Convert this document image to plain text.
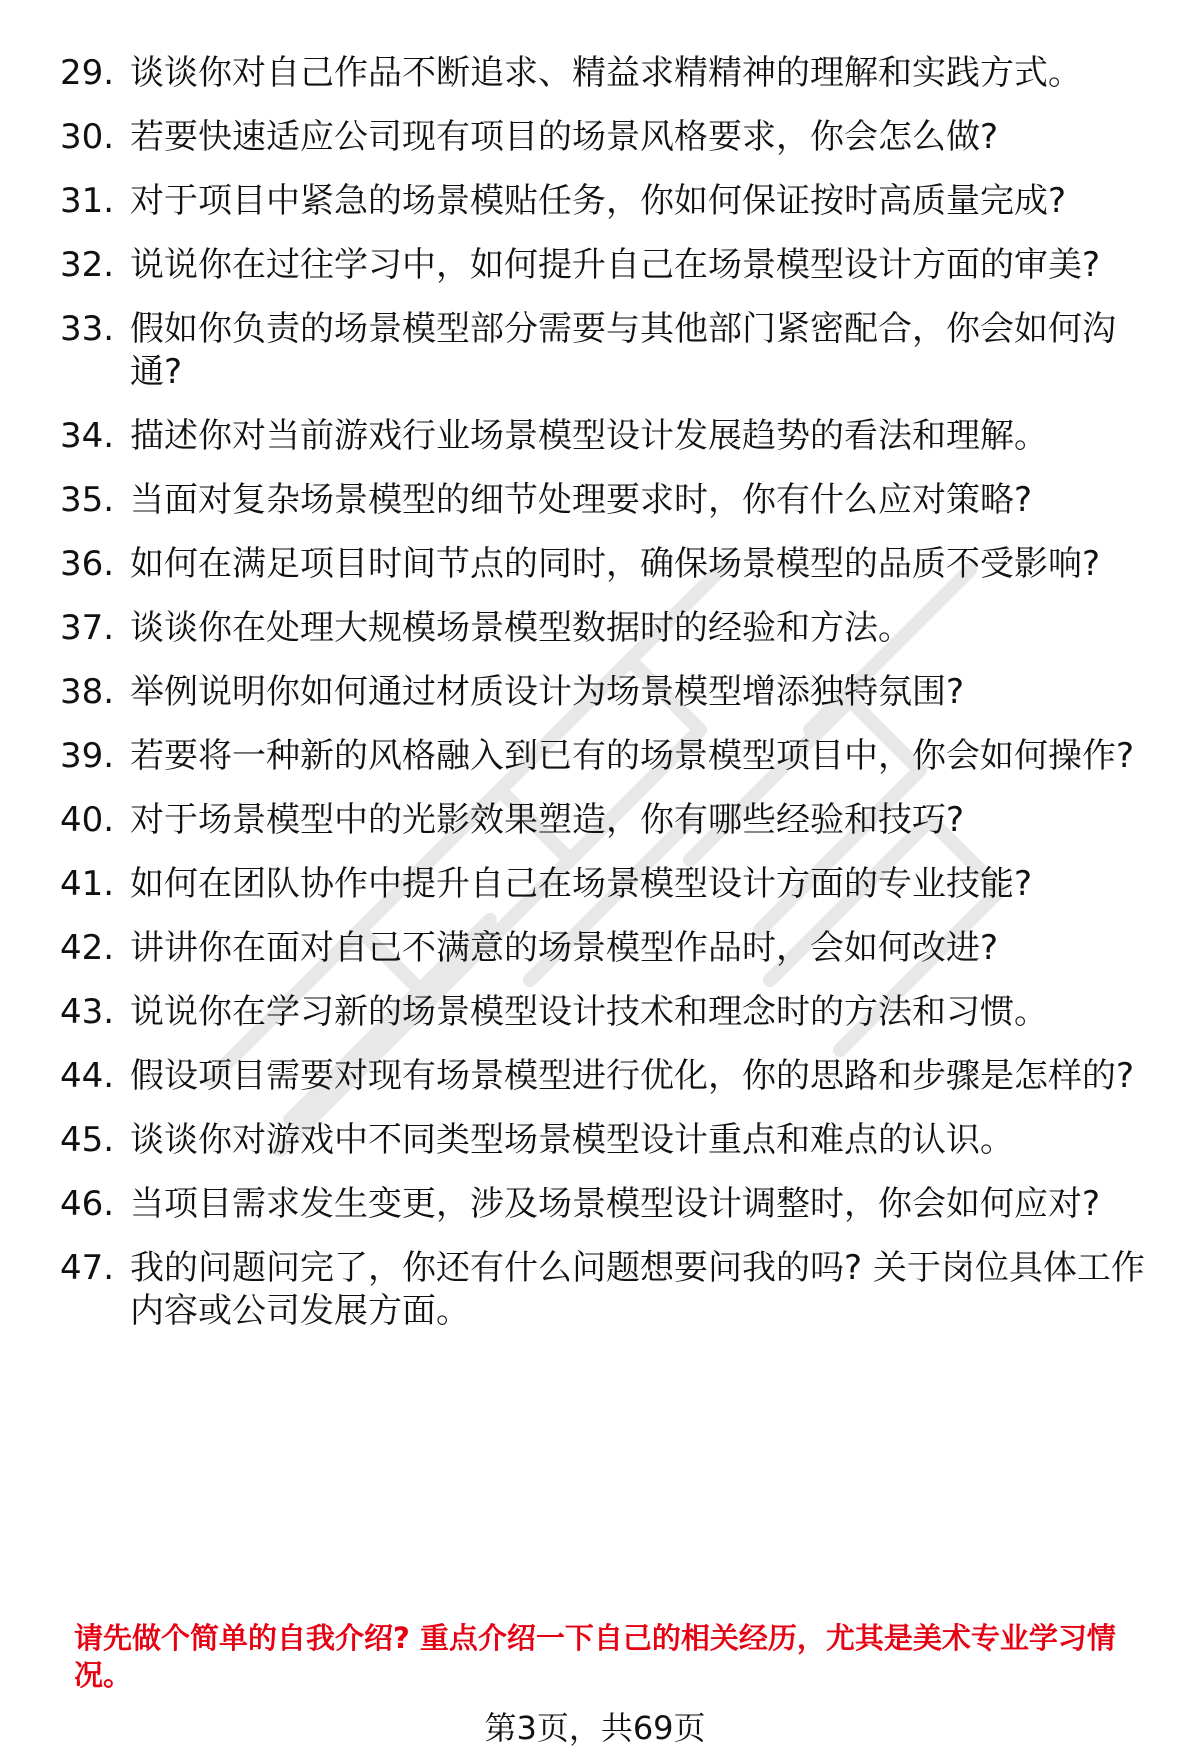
29. 谈谈你对自己作品不断追求、精益求精精神的理解和实践方式。
30. 若要快速适应公司现有项目的场景风格要求，你会怎么做?
31. 对于项目中紧急的场景模贴任务，你如何保证按时高质量完成?
32. 说说你在过往学习中，如何提升自己在场景模型设计方面的审美?
33. 假如你负责的场景模型部分需要与其他部门紧密配合，你会如何沟通?
34. 描述你对当前游戏行业场景模型设计发展趋势的看法和理解。
35. 当面对复杂场景模型的细节处理要求时，你有什么应对策略?
36. 如何在满足项目时间节点的同时，确保场景模型的品质不受影响?
37. 谈谈你在处理大规模场景模型数据时的经验和方法。
38. 举例说明你如何通过材质设计为场景模型增添独特氛围?
39. 若要将一种新的风格融入到已有的场景模型项目中，你会如何操作?
40. 对于场景模型中的光影效果塑造，你有哪些经验和技巧?
41. 如何在团队协作中提升自己在场景模型设计方面的专业技能?
42. 讲讲你在面对自己不满意的场景模型作品时，会如何改进?
43. 说说你在学习新的场景模型设计技术和理念时的方法和习惯。
44. 假设项目需要对现有场景模型进行优化，你的思路和步骤是怎样的?
45. 谈谈你对游戏中不同类型场景模型设计重点和难点的认识。
46. 当项目需求发生变更，涉及场景模型设计调整时，你会如何应对?
47. 我的问题问完了，你还有什么问题想要问我的吗? 关于岗位具体工作内容或公司发展方面。

请先做个简单的自我介绍? 重点介绍一下自己的相关经历，尤其是美术专业学习情况。

第3页，共69页
